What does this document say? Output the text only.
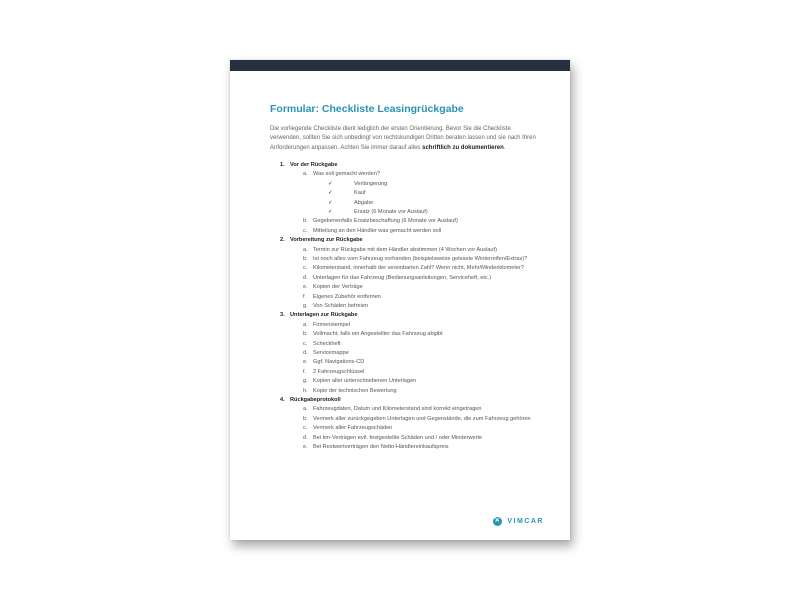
Formular: Checkliste Leasingrückgabe

Die vorliegende Checkliste dient lediglich der ersten Orientierung. Bevor Sie die Checkliste verwenden, sollten Sie sich unbedingt von rechtskundigen Dritten beraten lassen und sie nach Ihren Anforderungen anpassen. Achten Sie immer darauf alles schriftlich zu dokumentieren.

1. Vor der Rückgabe
a. Was soll gemacht werden?
✓	Verlängerung
✓	Kauf
✓	Abgabe
✓	Ersatz (6 Monate vor Auslauf)
b. Gegebenenfalls Ersatzbeschaffung (6 Monate vor Auslauf)
c.	Mitteilung an den Händler was gemacht werden soll
2. Vorbereitung zur Rückgabe
a. Termin zur Rückgabe mit dem Händler abstimmen (4 Wochen vor Auslauf)
b. Ist noch alles vom Fahrzeug vorhanden (beispielsweise geleaste Winterreifen/Extras)?
c.	Kilometerstand, innerhalb der vereinbarten Zahl? Wenn nicht, Mehr/Minderkilometer?
d. Unterlagen für das Fahrzeug (Bedienungsanleitungen, Serviceheft, etc.)
e. Kopien der Verträge
f.	Eigenes Zubehör entfernen
g. Von Schäden befreien
3. Unterlagen zur Rückgabe
a. Firmenstempel
b. Vollmacht, falls ein Angestellter das Fahrzeug abgibt
c.	Scheckheft
d. Servicemappe
e. Ggf. Navigations-CD
f.	2 Fahrzeugschlüssel
g. Kopien aller unterschriebenen Unterlagen
h. Kopie der technischen Bewertung
4. Rückgabeprotokoll
a. Fahrzeugdaten, Datum und Kilometerstand sind korrekt eingetragen
b. Vermerk aller zurückgegeben Unterlagen und Gegenstände, die zum Fahrzeug gehören
c.	Vermerk aller Fahrzeugschäden
d. Bei km-Verträgen evtl. festgestellte Schäden und / oder Minderwerte
e. Bei Restwertverträgen den Netto-Händlereinkaufspreis
✕ VIMCAR
